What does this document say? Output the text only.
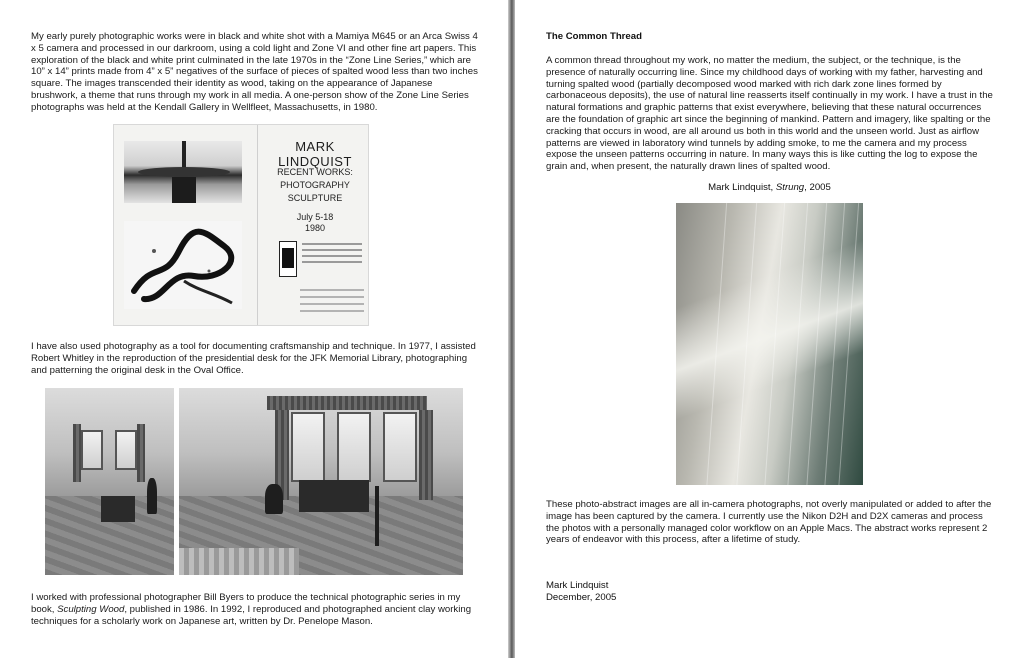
My early purely photographic works were in black and white shot with a Mamiya M645 or an Arca Swiss 4 x 5 camera and processed in our darkroom, using a cold light and Zone VI and other fine art papers. This exploration of the black and white print culminated in the late 1970s in the “Zone Line Series,” which are 10” x 14” prints made from 4” x 5” negatives of the surface of pieces of spalted wood less than two inches square. The images transcended their identity as wood, taking on the appearance of Japanese brushwork, a theme that runs through my work in all media. A one-person show of the Zone Line Series photographs was held at the Kendall Gallery in Wellfleet, Massachusetts, in 1980.

MARK LINDQUIST
RECENT WORKS:
PHOTOGRAPHY
SCULPTURE
July 5-18
1980

I have also used photography as a tool for documenting craftsmanship and technique. In 1977, I assisted Robert Whitley in the reproduction of the presidential desk for the JFK Memorial Library, photographing and patterning the original desk in the Oval Office.

I worked with professional photographer Bill Byers to produce the technical photographic series in my book, Sculpting Wood, published in 1986. In 1992, I reproduced and photographed ancient clay working techniques for a scholarly work on Japanese art, written by Dr. Penelope Mason.

The Common Thread

A common thread throughout my work, no matter the medium, the subject, or the technique, is the presence of naturally occurring line. Since my childhood days of working with my father, harvesting and turning spalted wood (partially decomposed wood marked with rich dark zone lines formed by carbonaceous deposits), the use of natural line reasserts itself continually in my work. I have a trust in the natural formations and graphic patterns that exist everywhere, believing that these natural occurrences are the foundation of graphic art since the beginning of mankind. Pattern and imagery, like spalting or the cracking that occurs in wood, are all around us both in this world and the unseen world. Just as airflow patterns are viewed in laboratory wind tunnels by adding smoke, to me the camera and my process expose the unseen patterns occurring in nature. In many ways this is like cutting the log to expose the grain and, when present, the naturally drawn lines of spalted wood.

Mark Lindquist, Strung, 2005

These photo-abstract images are all in-camera photographs, not overly manipulated or added to after the image has been captured by the camera. I currently use the Nikon D2H and D2X cameras and process the photos with a personally managed color workflow on an Apple Macs. The abstract works represent 2 years of endeavor with this process, after a lifetime of study.

Mark Lindquist
December, 2005
